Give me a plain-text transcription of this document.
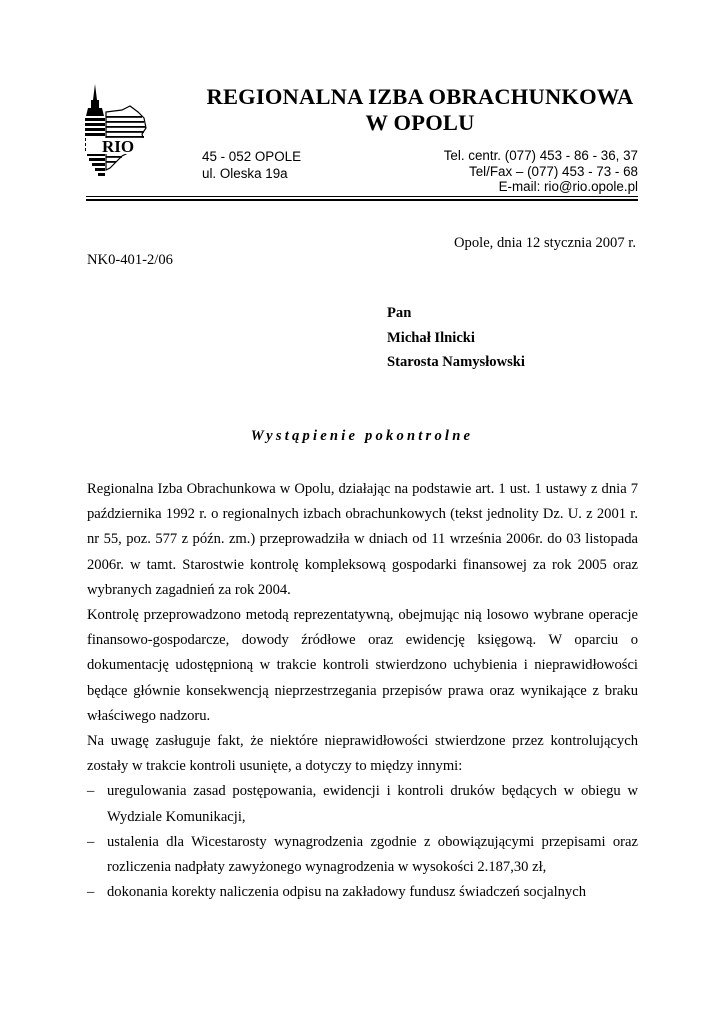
RIO
REGIONALNA IZBA OBRACHUNKOWA
W OPOLU
45 - 052 OPOLE
ul. Oleska 19a
Tel. centr. (077) 453 - 86 - 36, 37
Tel/Fax – (077) 453 - 73 - 68
E-mail: rio@rio.opole.pl
Opole, dnia 12 stycznia 2007 r.
NK0-401-2/06
Pan
Michał Ilnicki
Starosta Namysłowski
Wystąpienie pokontrolne

Regionalna Izba Obrachunkowa w Opolu, działając na podstawie art. 1 ust. 1 ustawy z dnia 7 października 1992 r. o regionalnych izbach obrachunkowych (tekst jednolity Dz. U. z 2001 r. nr 55, poz. 577 z późn. zm.) przeprowadziła w dniach od 11 września 2006r. do 03 listopada 2006r. w tamt. Starostwie kontrolę kompleksową gospodarki finansowej za rok 2005 oraz wybranych zagadnień za rok 2004.

Kontrolę przeprowadzono metodą reprezentatywną, obejmując nią losowo wybrane operacje finansowo-gospodarcze, dowody źródłowe oraz ewidencję księgową. W oparciu o dokumentację udostępnioną w trakcie kontroli stwierdzono uchybienia i nieprawidłowości będące głównie konsekwencją nieprzestrzegania przepisów prawa oraz wynikające z braku właściwego nadzoru.

Na uwagę zasługuje fakt, że niektóre nieprawidłowości stwierdzone przez kontrolujących zostały w trakcie kontroli usunięte, a dotyczy to między innymi:

– uregulowania zasad postępowania, ewidencji i kontroli druków będących w obiegu w Wydziale Komunikacji,
– ustalenia dla Wicestarosty wynagrodzenia zgodnie z obowiązującymi przepisami oraz rozliczenia nadpłaty zawyżonego wynagrodzenia w wysokości 2.187,30 zł,
– dokonania korekty naliczenia odpisu na zakładowy fundusz świadczeń socjalnych
